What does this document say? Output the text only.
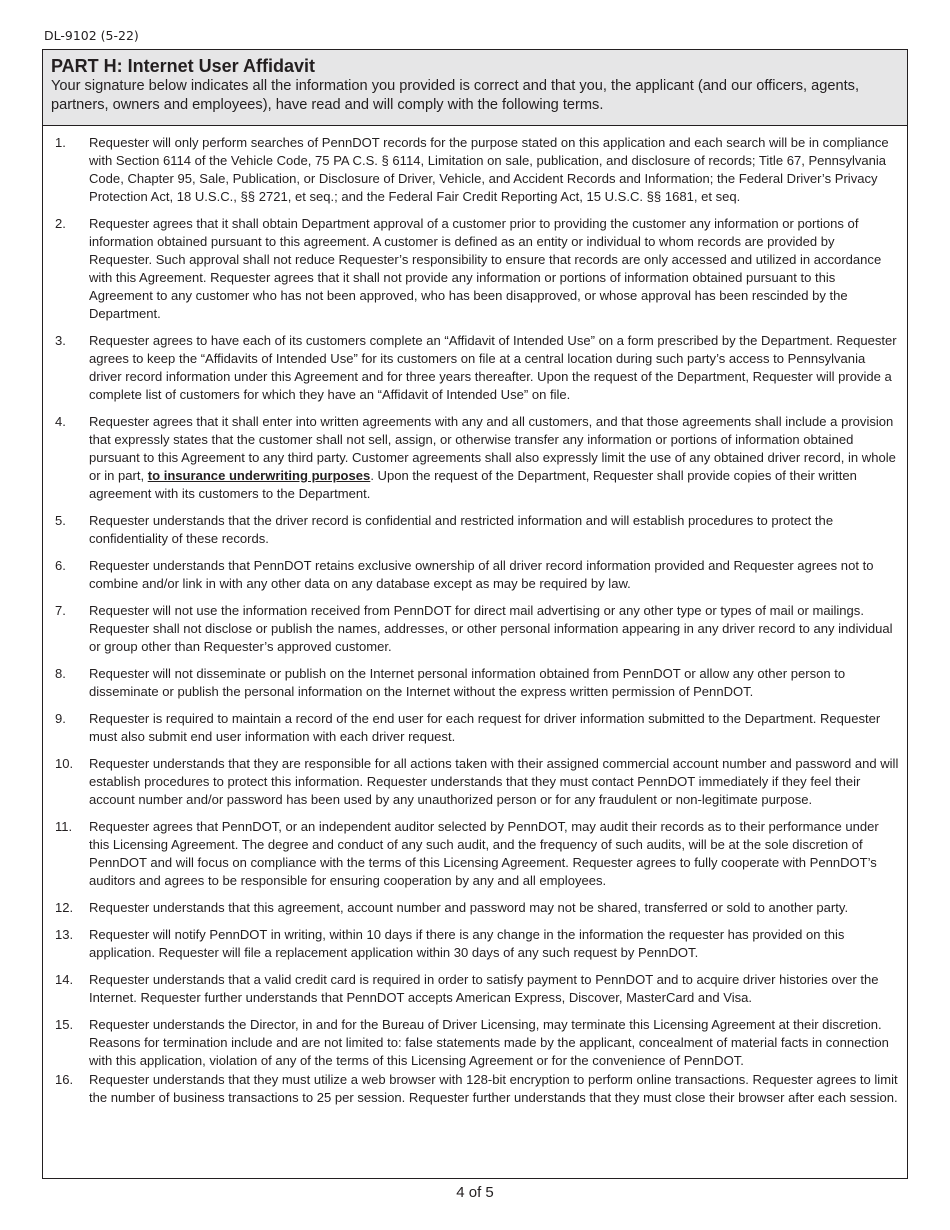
DL-9102 (5-22)
PART H: Internet User Affidavit

Your signature below indicates all the information you provided is correct and that you, the applicant (and our officers, agents, partners, owners and employees), have read and will comply with the following terms.

1. Requester will only perform searches of PennDOT records for the purpose stated on this application and each search will be in compliance with Section 6114 of the Vehicle Code, 75 PA C.S. § 6114, Limitation on sale, publication, and disclosure of records; Title 67, Pennsylvania Code, Chapter 95, Sale, Publication, or Disclosure of Driver, Vehicle, and Accident Records and Information; the Federal Driver’s Privacy Protection Act, 18 U.S.C., §§ 2721, et seq.; and the Federal Fair Credit Reporting Act, 15 U.S.C. §§ 1681, et seq.
2. Requester agrees that it shall obtain Department approval of a customer prior to providing the customer any information or portions of information obtained pursuant to this agreement. A customer is defined as an entity or individual to whom records are provided by Requester. Such approval shall not reduce Requester’s responsibility to ensure that records are only accessed and utilized in accordance with this Agreement. Requester agrees that it shall not provide any information or portions of information obtained pursuant to this Agreement to any customer who has not been approved, who has been disapproved, or whose approval has been rescinded by the Department.
3. Requester agrees to have each of its customers complete an “Affidavit of Intended Use” on a form prescribed by the Department. Requester agrees to keep the “Affidavits of Intended Use” for its customers on file at a central location during such party’s access to Pennsylvania driver record information under this Agreement and for three years thereafter. Upon the request of the Department, Requester will provide a complete list of customers for which they have an “Affidavit of Intended Use” on file.
4. Requester agrees that it shall enter into written agreements with any and all customers, and that those agreements shall include a provision that expressly states that the customer shall not sell, assign, or otherwise transfer any information or portions of information obtained pursuant to this Agreement to any third party. Customer agreements shall also expressly limit the use of any obtained driver record, in whole or in part, to insurance underwriting purposes. Upon the request of the Department, Requester shall provide copies of their written agreement with its customers to the Department.
5. Requester understands that the driver record is confidential and restricted information and will establish procedures to protect the confidentiality of these records.
6. Requester understands that PennDOT retains exclusive ownership of all driver record information provided and Requester agrees not to combine and/or link in with any other data on any database except as may be required by law.
7. Requester will not use the information received from PennDOT for direct mail advertising or any other type or types of mail or mailings. Requester shall not disclose or publish the names, addresses, or other personal information appearing in any driver record to any individual or group other than Requester’s approved customer.
8. Requester will not disseminate or publish on the Internet personal information obtained from PennDOT or allow any other person to disseminate or publish the personal information on the Internet without the express written permission of PennDOT.
9. Requester is required to maintain a record of the end user for each request for driver information submitted to the Department. Requester must also submit end user information with each driver request.
10. Requester understands that they are responsible for all actions taken with their assigned commercial account number and password and will establish procedures to protect this information. Requester understands that they must contact PennDOT immediately if they feel their account number and/or password has been used by any unauthorized person or for any fraudulent or non-legitimate purpose.
11. Requester agrees that PennDOT, or an independent auditor selected by PennDOT, may audit their records as to their performance under this Licensing Agreement. The degree and conduct of any such audit, and the frequency of such audits, will be at the sole discretion of PennDOT and will focus on compliance with the terms of this Licensing Agreement. Requester agrees to fully cooperate with PennDOT’s auditors and agrees to be responsible for ensuring cooperation by any and all employees.
12. Requester understands that this agreement, account number and password may not be shared, transferred or sold to another party.
13. Requester will notify PennDOT in writing, within 10 days if there is any change in the information the requester has provided on this application. Requester will file a replacement application within 30 days of any such request by PennDOT.
14. Requester understands that a valid credit card is required in order to satisfy payment to PennDOT and to acquire driver histories over the Internet. Requester further understands that PennDOT accepts American Express, Discover, MasterCard and Visa.
15. Requester understands the Director, in and for the Bureau of Driver Licensing, may terminate this Licensing Agreement at their discretion. Reasons for termination include and are not limited to: false statements made by the applicant, concealment of material facts in connection with this application, violation of any of the terms of this Licensing Agreement or for the convenience of PennDOT.
16. Requester understands that they must utilize a web browser with 128-bit encryption to perform online transactions. Requester agrees to limit the number of business transactions to 25 per session. Requester further understands that they must close their browser after each session.
4 of 5
